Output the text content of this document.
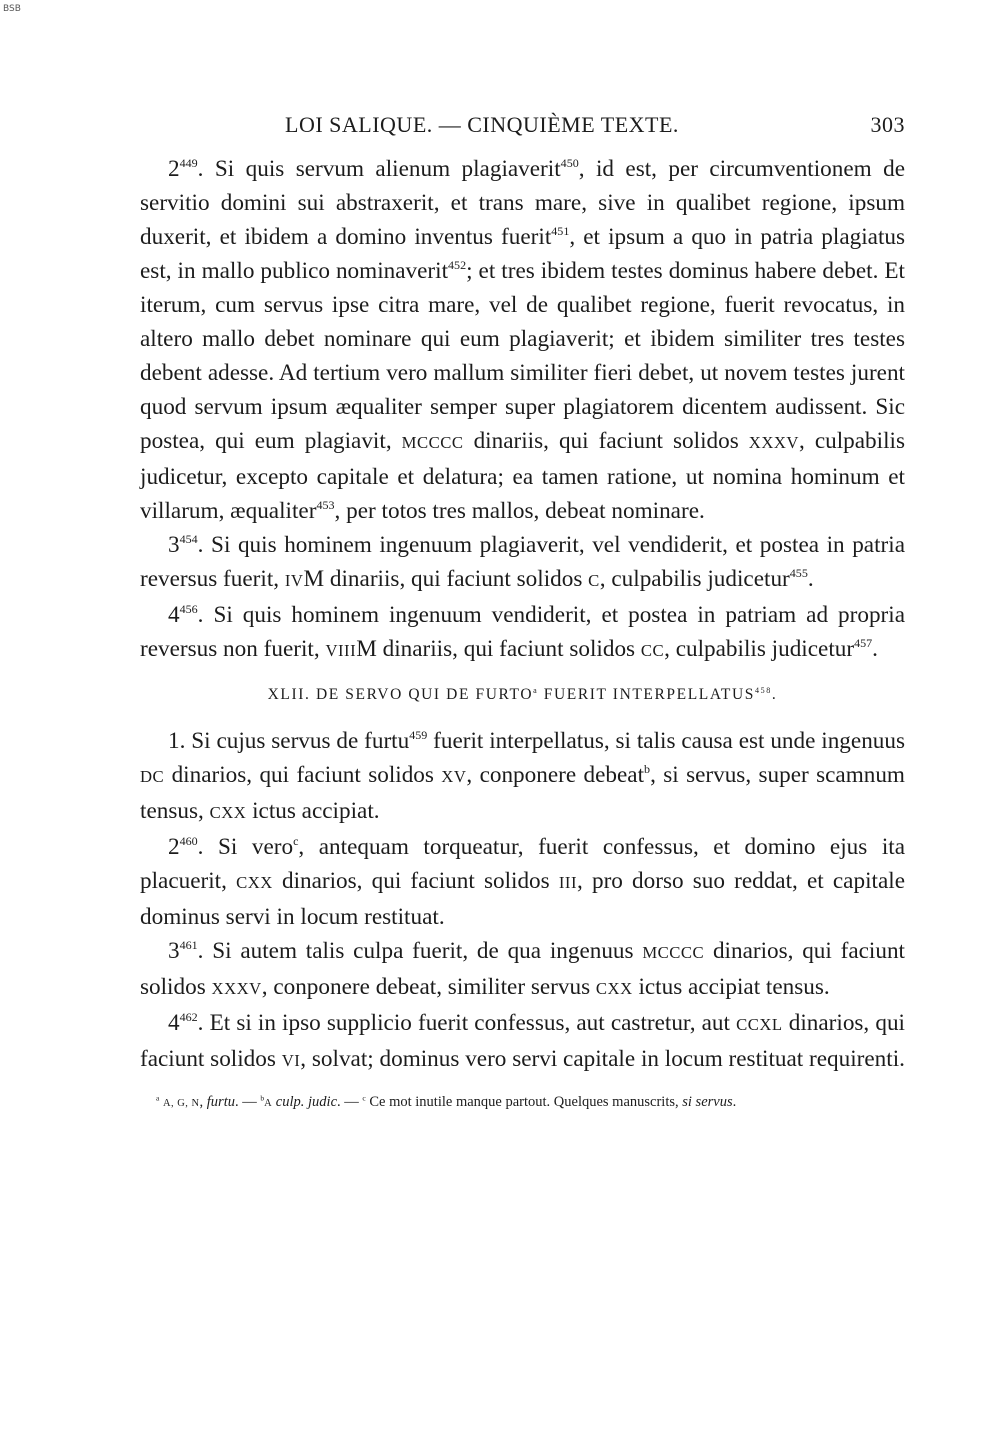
BSB
LOI SALIQUE. — CINQUIÈME TEXTE.	303

$2^{449}$. Si quis servum alienum plagiaverit$^{450}$, id est, per circumventionem de servitio domini sui abstraxerit, et trans mare, sive in qualibet regione, ipsum duxerit, et ibidem a domino inventus fuerit$^{451}$, et ipsum a quo in patria plagiatus est, in mallo publico nominaverit$^{452}$; et tres ibidem testes dominus habere debet. Et iterum, cum servus ipse citra mare, vel de qualibet regione, fuerit revocatus, in altero mallo debet nominare qui eum plagiaverit; et ibidem similiter tres testes debent adesse. Ad tertium vero mallum similiter fieri debet, ut novem testes jurent quod servum ipsum æqualiter semper super plagiatorem dicentem audissent. Sic postea, qui eum plagiavit, MCCCC dinariis, qui faciunt solidos XXXV, culpabilis judicetur, excepto capitale et delatura; ea tamen ratione, ut nomina hominum et villarum, æqualiter$^{453}$, per totos tres mallos, debeat nominare.

$3^{454}$. Si quis hominem ingenuum plagiaverit, vel vendiderit, et postea in patria reversus fuerit, IVM dinariis, qui faciunt solidos C, culpabilis judicetur$^{455}$.

$4^{456}$. Si quis hominem ingenuum vendiderit, et postea in patriam ad propria reversus non fuerit, VIIIM dinariis, qui faciunt solidos CC, culpabilis judicetur$^{457}$.

XLII. DE SERVO QUI DE FURTO$^a$ FUERIT INTERPELLATUS$^{458}$.

1. Si cujus servus de furtu$^{459}$ fuerit interpellatus, si talis causa est unde ingenuus DC dinarios, qui faciunt solidos XV, conponere debeat$^b$, si servus, super scamnum tensus, CXX ictus accipiat.

$2^{460}$. Si vero$^c$, antequam torqueatur, fuerit confessus, et domino ejus ita placuerit, CXX dinarios, qui faciunt solidos III, pro dorso suo reddat, et capitale dominus servi in locum restituat.

$3^{461}$. Si autem talis culpa fuerit, de qua ingenuus MCCCC dinarios, qui faciunt solidos XXXV, conponere debeat, similiter servus CXX ictus accipiat tensus.

$4^{462}$. Et si in ipso supplicio fuerit confessus, aut castretur, aut CCXL dinarios, qui faciunt solidos VI, solvat; dominus vero servi capitale in locum restituat requirenti.

$^a$ A, G, N, furtu. — $^b$A culp. judic. — $^c$ Ce mot inutile manque partout. Quelques manuscrits, si servus.
